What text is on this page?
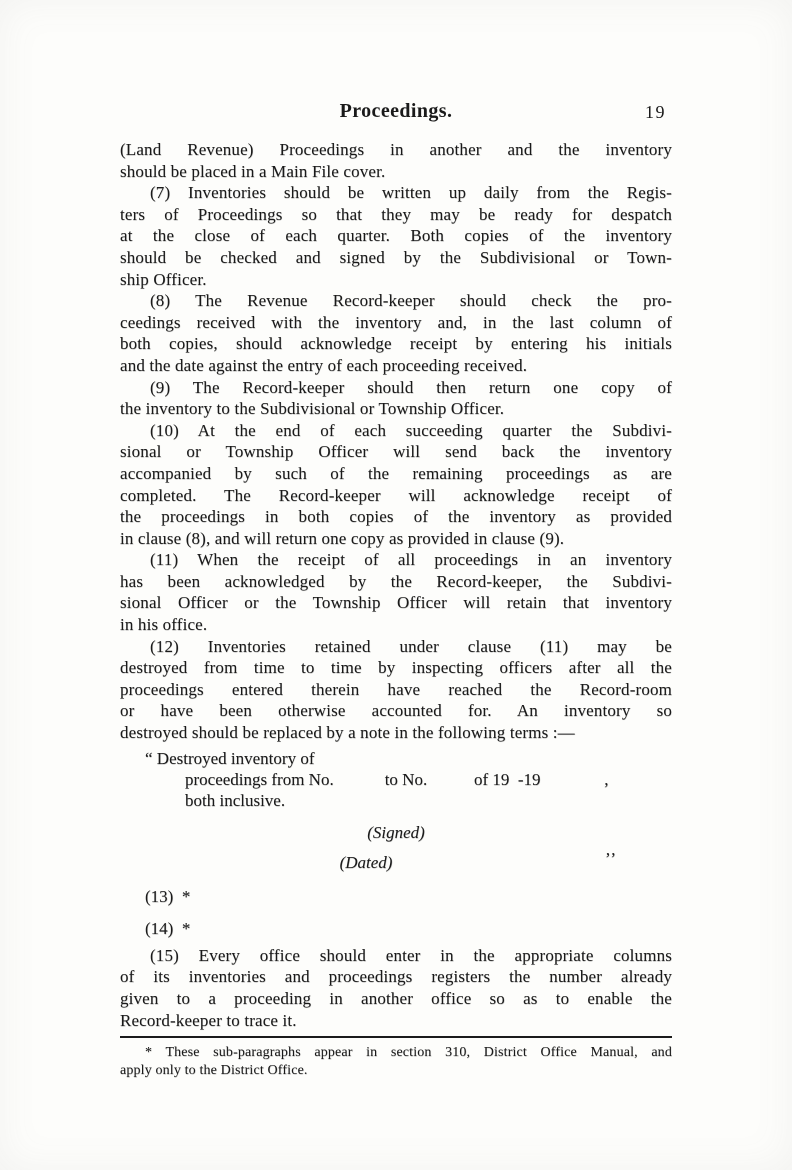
Proceedings.	19
(Land Revenue) Proceedings in another and the inventory
should be placed in a Main File cover.
(7) Inventories should be written up daily from the Regis-
ters of Proceedings so that they may be ready for despatch
at the close of each quarter. Both copies of the inventory
should be checked and signed by the Subdivisional or Town-
ship Officer.
(8) The Revenue Record-keeper should check the pro-
ceedings received with the inventory and, in the last column of
both copies, should acknowledge receipt by entering his initials
and the date against the entry of each proceeding received.
(9) The Record-keeper should then return one copy of
the inventory to the Subdivisional or Township Officer.
(10) At the end of each succeeding quarter the Subdivi-
sional or Township Officer will send back the inventory
accompanied by such of the remaining proceedings as are
completed. The Record-keeper will acknowledge receipt of
the proceedings in both copies of the inventory as provided
in clause (8), and will return one copy as provided in clause (9).
(11) When the receipt of all proceedings in an inventory
has been acknowledged by the Record-keeper, the Subdivi-
sional Officer or the Township Officer will retain that inventory
in his office.
(12) Inventories retained under clause (11) may be
destroyed from time to time by inspecting officers after all the
proceedings entered therein have reached the Record-room
or have been otherwise accounted for. An inventory so
destroyed should be replaced by a note in the following terms :—
“ Destroyed inventory of
proceedings from No.            to No.           of 19  -19               ,
both inclusive.
(Signed)
(Dated)	’’
(13)  *
(14)  *
(15) Every office should enter in the appropriate columns
of its inventories and proceedings registers the number already
given to a proceeding in another office so as to enable the
Record-keeper to trace it.
* These sub-paragraphs appear in section 310, District Office Manual, and
apply only to the District Office.
